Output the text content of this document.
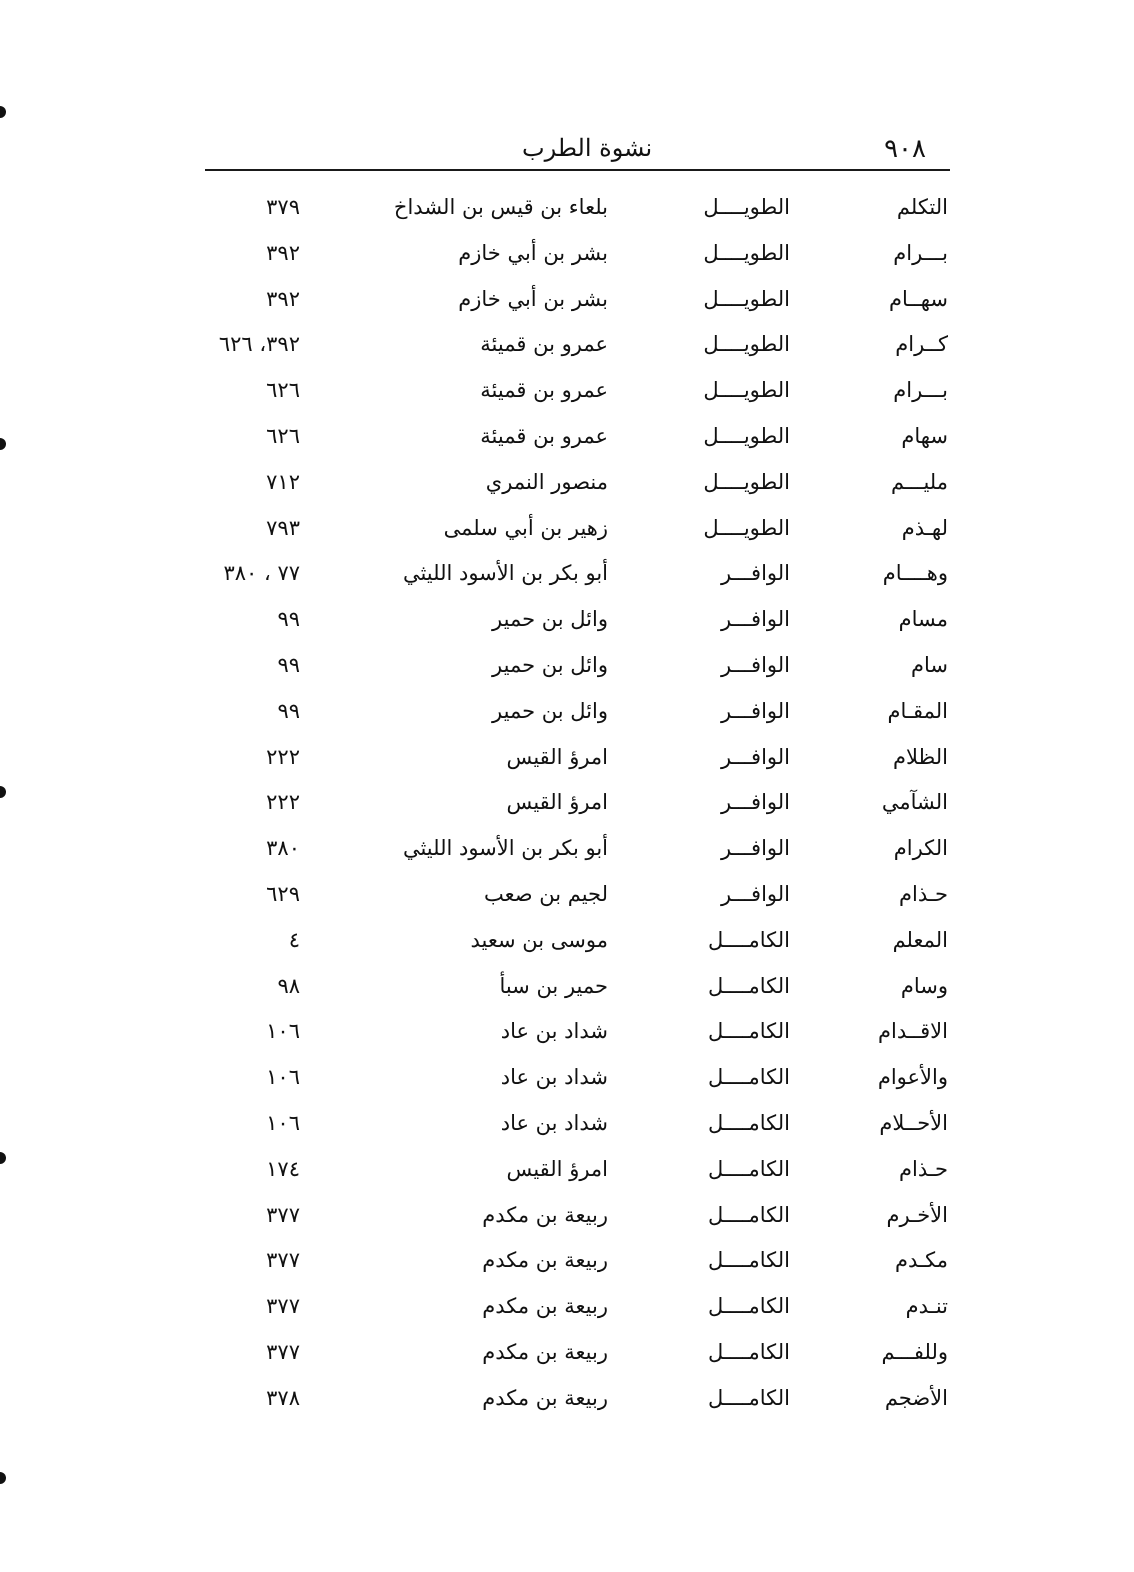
٩٠٨
نشوة الطرب
التكلم
الطويــــل
بلعاء بن قيس بن الشداخ
٣٧٩
بـــرام
الطويــــل
بشر بن أبي خازم
٣٩٢
سهــام
الطويــــل
بشر بن أبي خازم
٣٩٢
كــرام
الطويــــل
عمرو بن قميئة
٣٩٢، ٦٢٦
بـــرام
الطويــــل
عمرو بن قميئة
٦٢٦
سهام
الطويــــل
عمرو بن قميئة
٦٢٦
مليـــم
الطويــــل
منصور النمري
٧١٢
لهـذم
الطويــــل
زهير بن أبي سلمى
٧٩٣
وهــــام
الوافـــر
أبو بكر بن الأسود الليثي
٧٧ ، ٣٨٠
مسام
الوافـــر
وائل بن حمير
٩٩
سام
الوافـــر
وائل بن حمير
٩٩
المقـام
الوافـــر
وائل بن حمير
٩٩
الظلام
الوافـــر
امرؤ القيس
٢٢٢
الشآمي
الوافـــر
امرؤ القيس
٢٢٢
الكرام
الوافـــر
أبو بكر بن الأسود الليثي
٣٨٠
حـذام
الوافـــر
لجيم بن صعب
٦٢٩
المعلم
الكامــــل
موسى بن سعيد
٤
وسام
الكامــــل
حمير بن سبأ
٩٨
الاقــدام
الكامــــل
شداد بن عاد
١٠٦
والأعوام
الكامــــل
شداد بن عاد
١٠٦
الأحــلام
الكامــــل
شداد بن عاد
١٠٦
حـذام
الكامــــل
امرؤ القيس
١٧٤
الأخـرم
الكامــــل
ربيعة بن مكدم
٣٧٧
مكـدم
الكامــــل
ربيعة بن مكدم
٣٧٧
تنـدم
الكامــــل
ربيعة بن مكدم
٣٧٧
وللفـــم
الكامــــل
ربيعة بن مكدم
٣٧٧
الأضجم
الكامــــل
ربيعة بن مكدم
٣٧٨
